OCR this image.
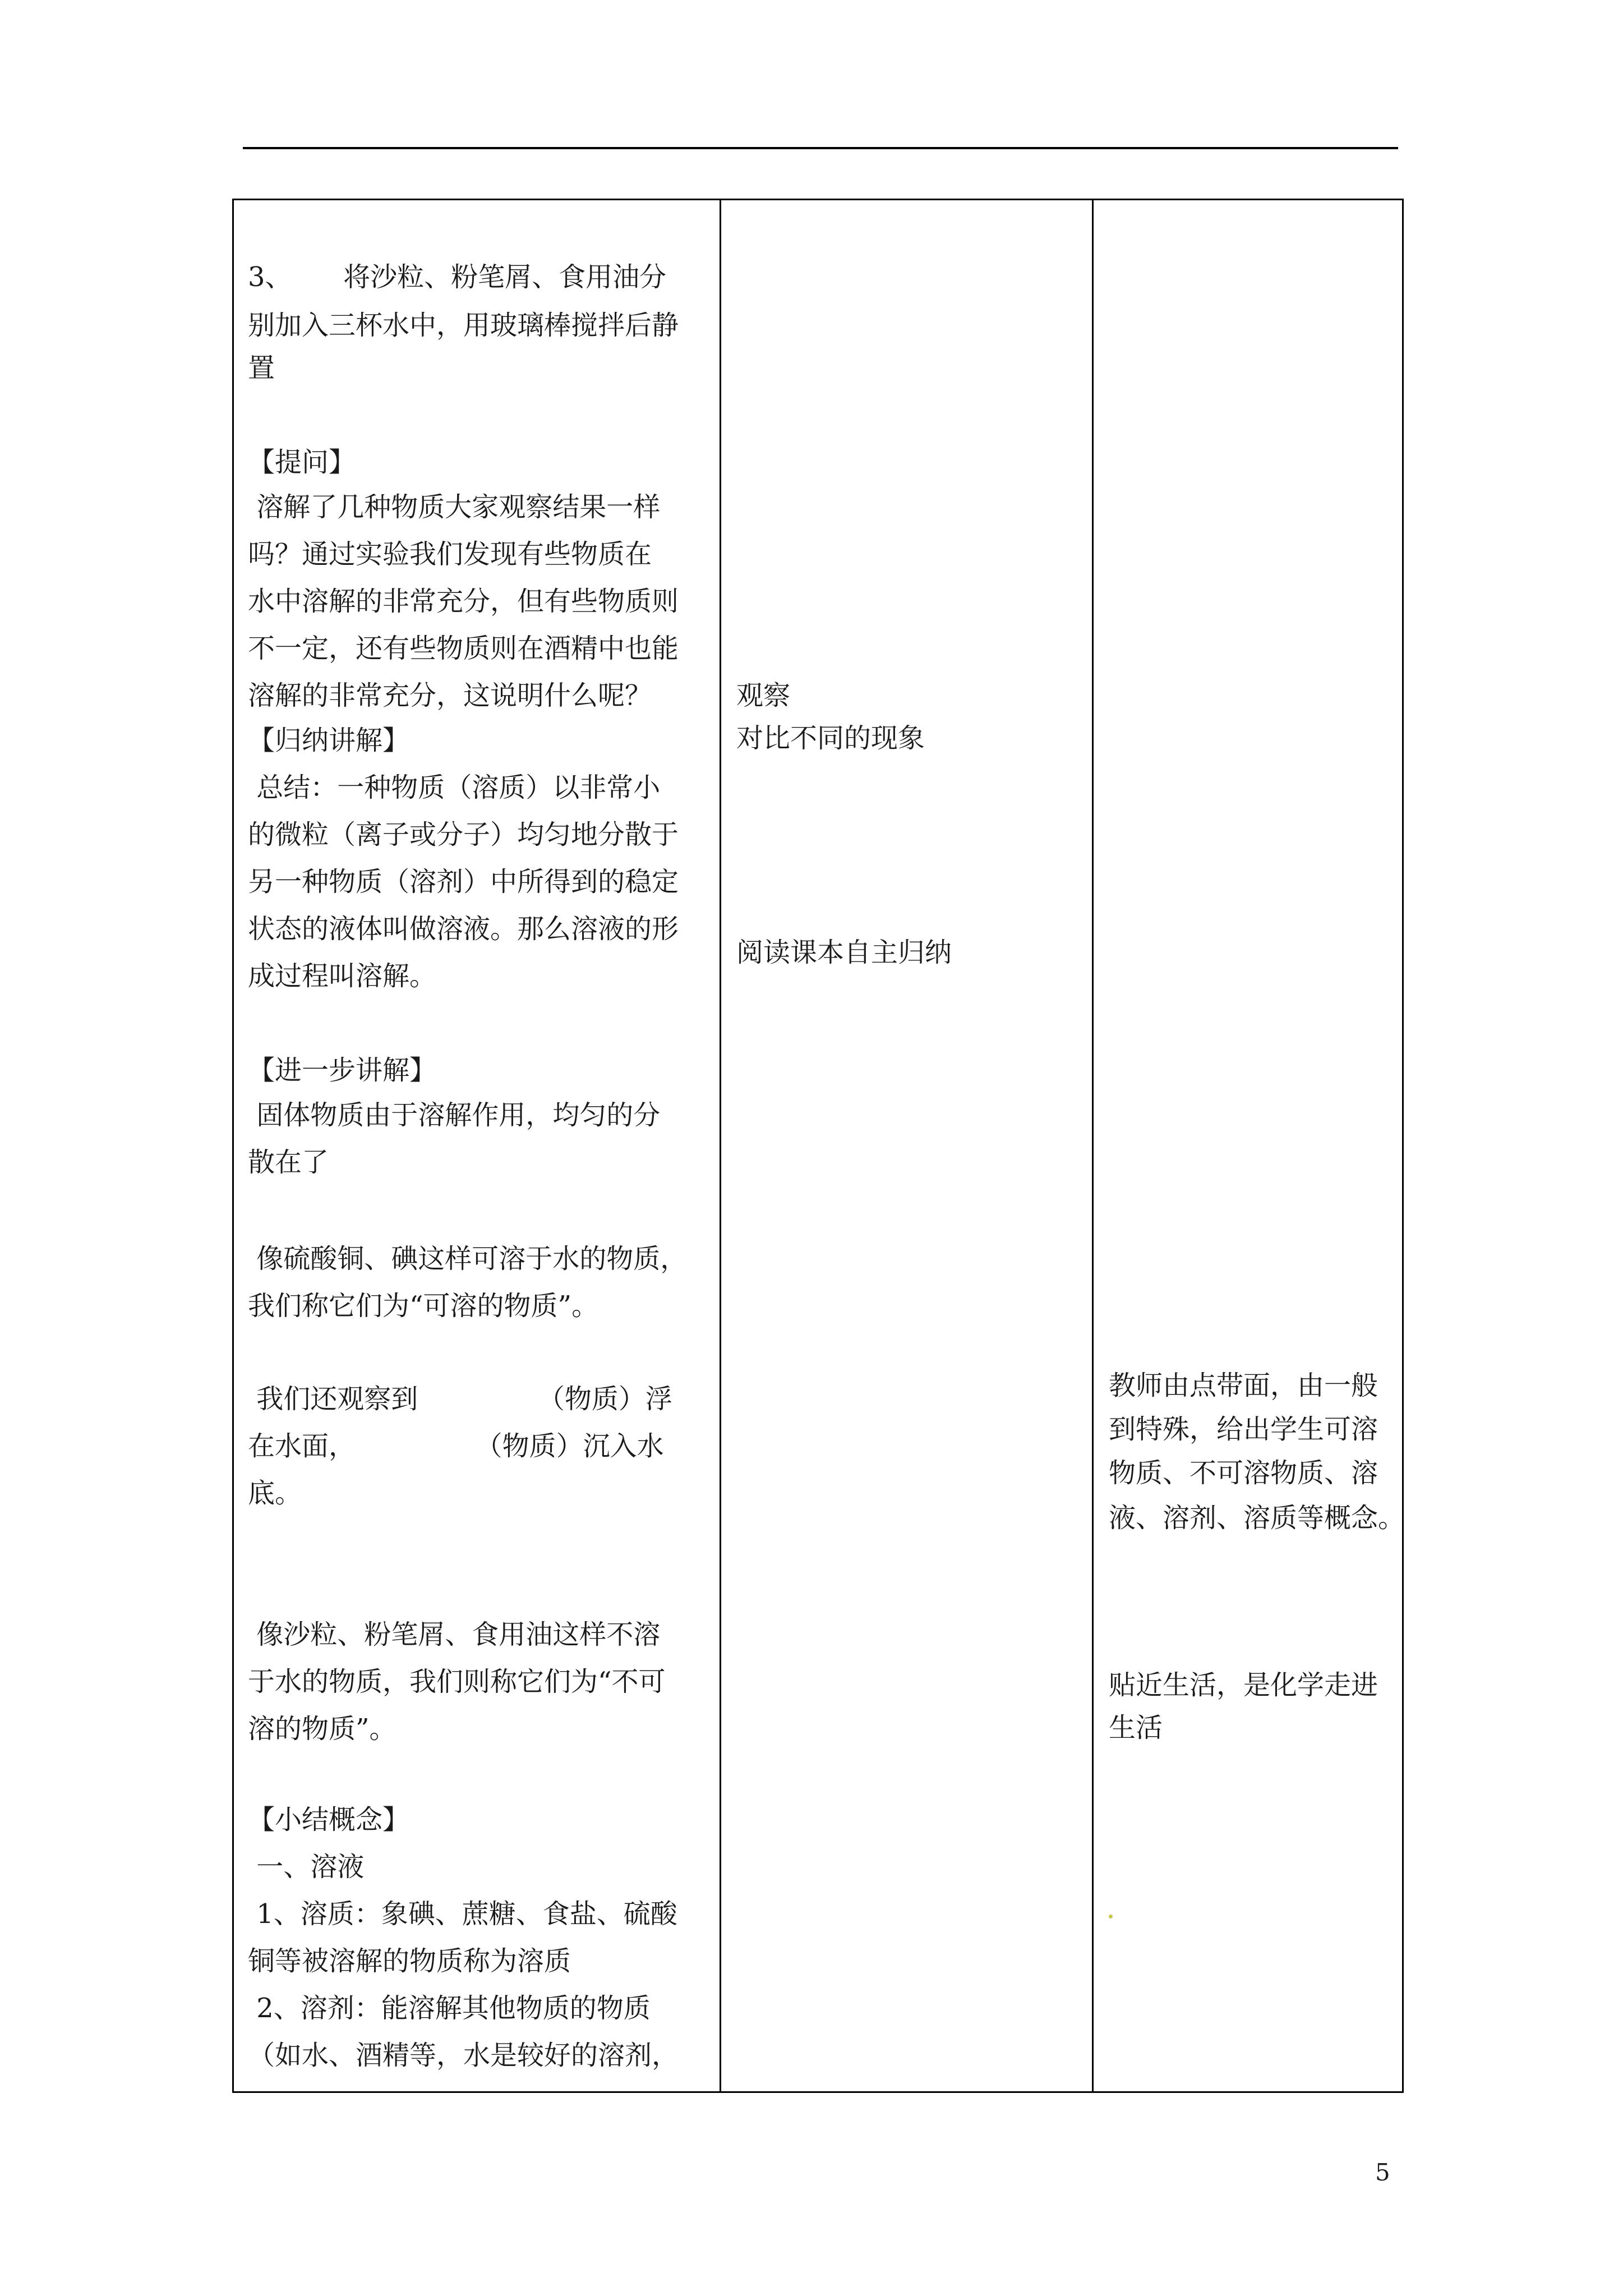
3、      将沙粒、粉笔屑、食用油分

别加入三杯水中，用玻璃棒搅拌后静

置

【提问】

溶解了几种物质大家观察结果一样

吗？通过实验我们发现有些物质在

水中溶解的非常充分，但有些物质则

不一定，还有些物质则在酒精中也能

溶解的非常充分，这说明什么呢？

【归纳讲解】

总结：一种物质（溶质）以非常小

的微粒（离子或分子）均匀地分散于

另一种物质（溶剂）中所得到的稳定

状态的液体叫做溶液。那么溶液的形

成过程叫溶解。

【进一步讲解】

固体物质由于溶解作用，均匀的分

散在了

像硫酸铜、碘这样可溶于水的物质，

我们称它们为“可溶的物质”。

我们还观察到              （物质）浮

在水面，              （物质）沉入水

底。

像沙粒、粉笔屑、食用油这样不溶

于水的物质，我们则称它们为“不可

溶的物质”。

【小结概念】

一、溶液

1、溶质：象碘、蔗糖、食盐、硫酸

铜等被溶解的物质称为溶质

2、溶剂：能溶解其他物质的物质

（如水、酒精等，水是较好的溶剂，

观察

对比不同的现象

阅读课本自主归纳

教师由点带面，由一般

到特殊，给出学生可溶

物质、不可溶物质、溶

液、溶剂、溶质等概念。

贴近生活，是化学走进

生活

5
